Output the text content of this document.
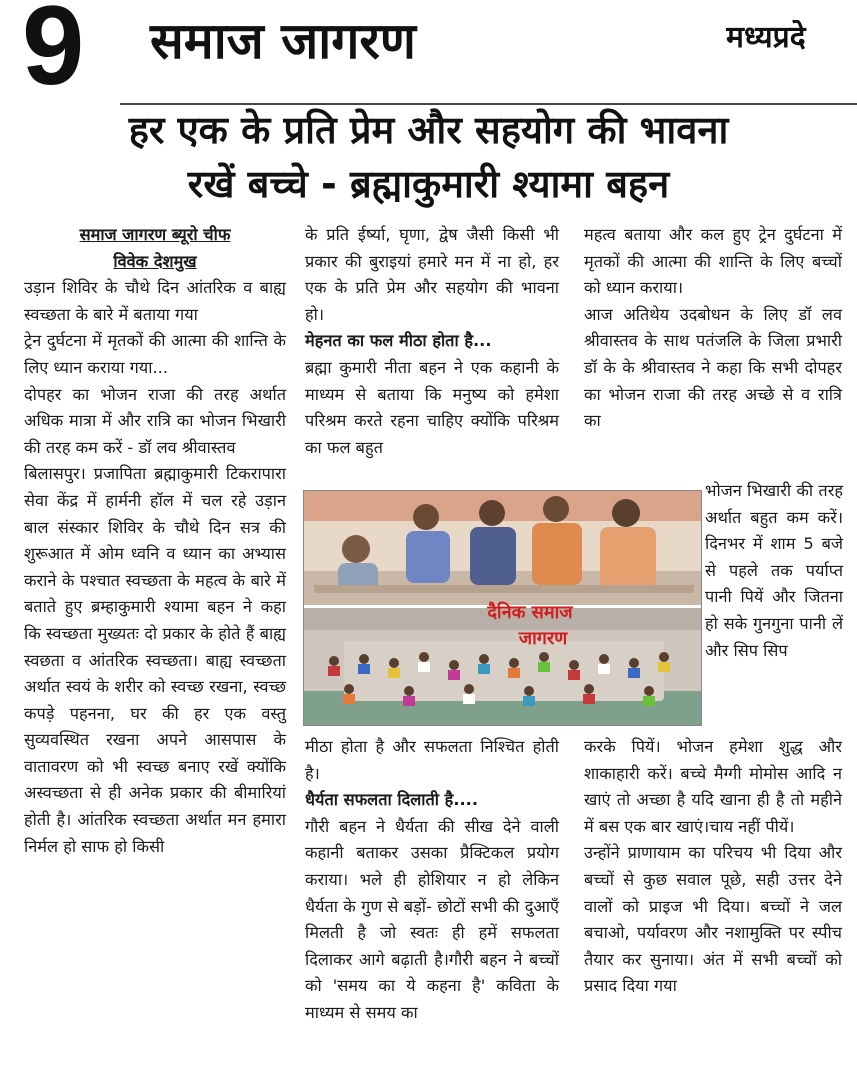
9 समाज जागरण	मध्यप्रदे
हर एक के प्रति प्रेम और सहयोग की भावना
रखें बच्चे - ब्रह्माकुमारी श्यामा बहन

समाज जागरण ब्यूरो चीफ

विवेक देशमुख

उड़ान शिविर के चौथे दिन आंतरिक व बाह्य स्वच्छता के बारे में बताया गया

ट्रेन दुर्घटना में मृतकों की आत्मा की शान्ति के लिए ध्यान कराया गया...

दोपहर का भोजन राजा की तरह अर्थात अधिक मात्रा में और रात्रि का भोजन भिखारी की तरह कम करें - डॉ लव श्रीवास्तव

बिलासपुर। प्रजापिता ब्रह्माकुमारी टिकरापारा सेवा केंद्र में हार्मनी हॉल में चल रहे उड़ान बाल संस्कार शिविर के चौथे दिन सत्र की शुरूआत में ओम ध्वनि व ध्यान का अभ्यास कराने के पश्चात स्वच्छता के महत्व के बारे में बताते हुए ब्रम्हाकुमारी श्यामा बहन ने कहा कि स्वच्छता मुख्यतः दो प्रकार के होते हैं बाह्य स्वछता व आंतरिक स्वच्छता। बाह्य स्वच्छता अर्थात स्वयं के शरीर को स्वच्छ रखना, स्वच्छ कपड़े पहनना, घर की हर एक वस्तु सुव्यवस्थित रखना अपने आसपास के वातावरण को भी स्वच्छ बनाए रखें क्योंकि अस्वच्छता से ही अनेक प्रकार की बीमारियां होती है। आंतरिक स्वच्छता अर्थात मन हमारा निर्मल हो साफ हो किसी

के प्रति ईर्ष्या, घृणा, द्वेष जैसी किसी भी प्रकार की बुराइयां हमारे मन में ना हो, हर एक के प्रति प्रेम और सहयोग की भावना हो।

मेहनत का फल मीठा होता है...

ब्रह्मा कुमारी नीता बहन ने एक कहानी के माध्यम से बताया कि मनुष्य को हमेशा परिश्रम करते रहना चाहिए क्योंकि परिश्रम का फल बहुत

दैनिक समाज
जागरण

मीठा होता है और सफलता निश्चित होती है।

धैर्यता सफलता दिलाती है....

गौरी बहन ने धैर्यता की सीख देने वाली कहानी बताकर उसका प्रैक्टिकल प्रयोग कराया। भले ही होशियार न हो लेकिन धैर्यता के गुण से बड़ों- छोटों सभी की दुआएँ मिलती है जो स्वतः ही हमें सफलता दिलाकर आगे बढ़ाती है।गौरी बहन ने बच्चों को 'समय का ये कहना है' कविता के माध्यम से समय का

महत्व बताया और कल हुए ट्रेन दुर्घटना में मृतकों की आत्मा की शान्ति के लिए बच्चों को ध्यान कराया।

आज अतिथेय उदबोधन के लिए डॉ लव श्रीवास्तव के साथ पतंजलि के जिला प्रभारी डॉ के के श्रीवास्तव ने कहा कि सभी दोपहर का भोजन राजा की तरह अच्छे से व रात्रि का

भोजन भिखारी की तरह अर्थात बहुत कम करें। दिनभर में शाम 5 बजे से पहले तक पर्याप्त पानी पियें और जितना हो सके गुनगुना पानी लें और सिप सिप

करके पियें। भोजन हमेशा शुद्ध और शाकाहारी करें। बच्चे मैग्गी मोमोस आदि न खाएं तो अच्छा है यदि खाना ही है तो महीने में बस एक बार खाएं।चाय नहीं पीयें।

उन्होंने प्राणायाम का परिचय भी दिया और बच्चों से कुछ सवाल पूछे, सही उत्तर देने वालों को प्राइज भी दिया। बच्चों ने जल बचाओ, पर्यावरण और नशामुक्ति पर स्पीच तैयार कर सुनाया। अंत में सभी बच्चों को प्रसाद दिया गया
